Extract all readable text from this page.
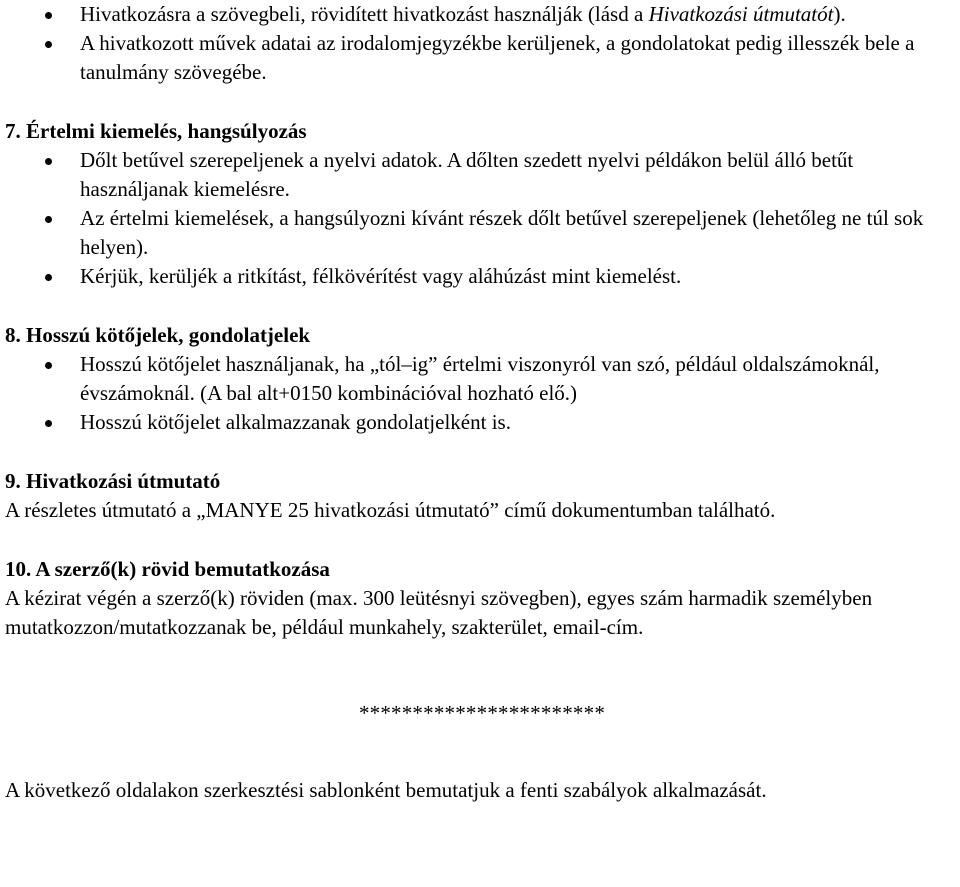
Hivatkozásra a szövegbeli, rövidített hivatkozást használják (lásd a Hivatkozási útmutatót).
A hivatkozott művek adatai az irodalomjegyzékbe kerüljenek, a gondolatokat pedig illesszék bele a tanulmány szövegébe.
7. Értelmi kiemelés, hangsúlyozás
Dőlt betűvel szerepeljenek a nyelvi adatok. A dőlten szedett nyelvi példákon belül álló betűt használjanak kiemelésre.
Az értelmi kiemelések, a hangsúlyozni kívánt részek dőlt betűvel szerepeljenek (lehetőleg ne túl sok helyen).
Kérjük, kerüljék a ritkítást, félkövérítést vagy aláhúzást mint kiemelést.
8. Hosszú kötőjelek, gondolatjelek
Hosszú kötőjelet használjanak, ha „tól–ig” értelmi viszonyról van szó, például oldalszámoknál, évszámoknál. (A bal alt+0150 kombinációval hozható elő.)
Hosszú kötőjelet alkalmazzanak gondolatjelként is.
9. Hivatkozási útmutató
A részletes útmutató a „MANYE 25 hivatkozási útmutató” című dokumentumban található.
10. A szerző(k) rövid bemutatkozása
A kézirat végén a szerző(k) röviden (max. 300 leütésnyi szövegben), egyes szám harmadik személyben mutatkozzon/mutatkozzanak be, például munkahely, szakterület, email-cím.
***********************
A következő oldalakon szerkesztési sablonként bemutatjuk a fenti szabályok alkalmazását.
